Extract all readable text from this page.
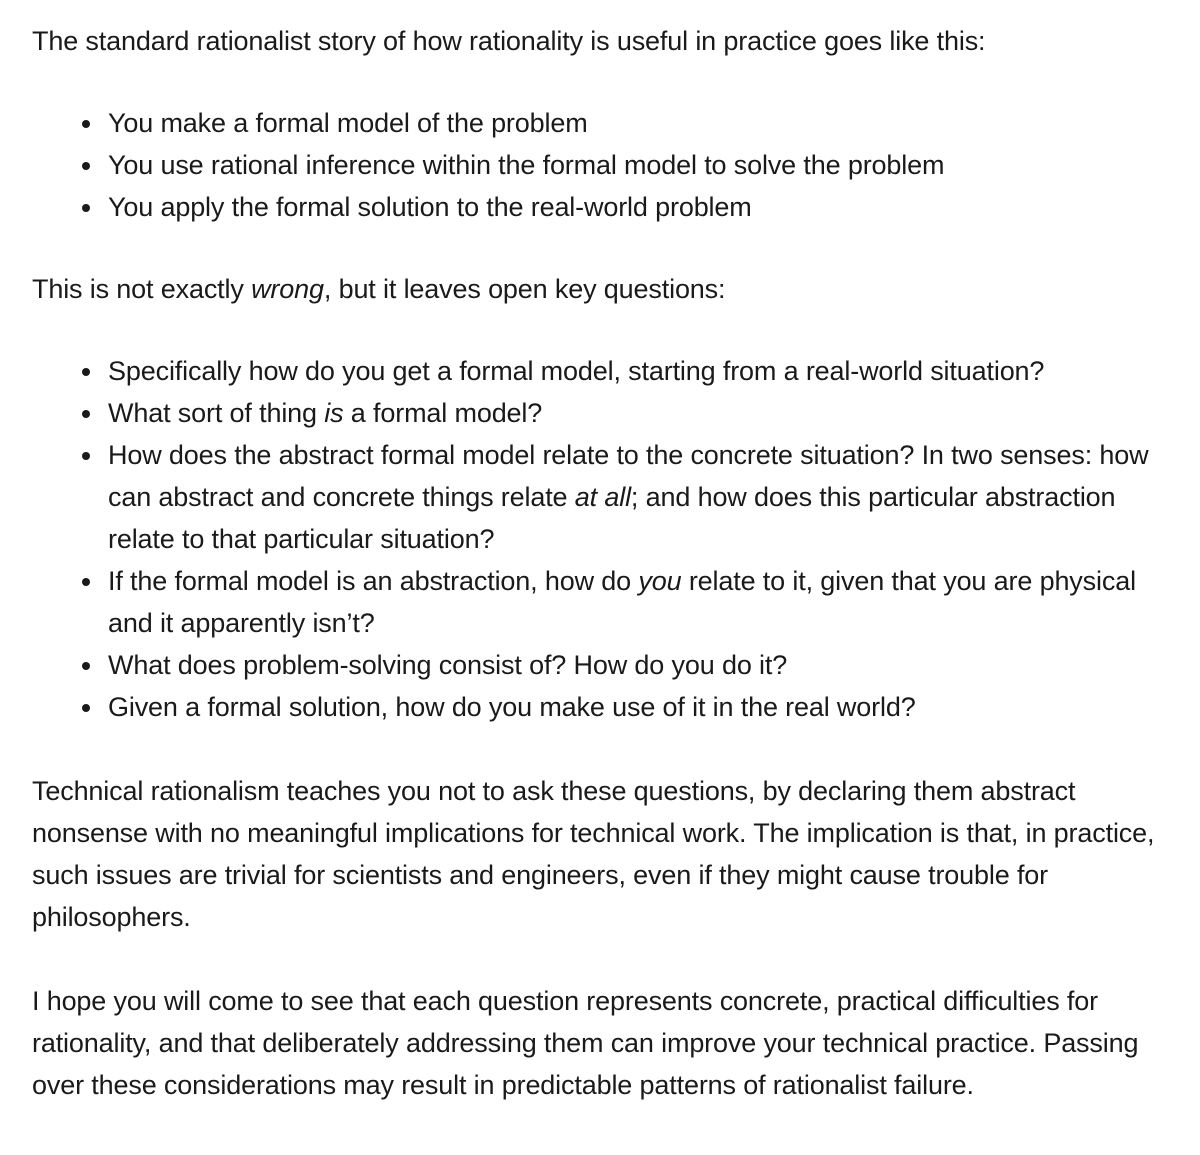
The standard rationalist story of how rationality is useful in practice goes like this:

You make a formal model of the problem
You use rational inference within the formal model to solve the problem
You apply the formal solution to the real-world problem

This is not exactly wrong, but it leaves open key questions:

Specifically how do you get a formal model, starting from a real-world situation?
What sort of thing is a formal model?
How does the abstract formal model relate to the concrete situation? In two senses: how can abstract and concrete things relate at all; and how does this particular abstraction relate to that particular situation?
If the formal model is an abstraction, how do you relate to it, given that you are physical and it apparently isn’t?
What does problem-solving consist of? How do you do it?
Given a formal solution, how do you make use of it in the real world?

Technical rationalism teaches you not to ask these questions, by declaring them abstract nonsense with no meaningful implications for technical work. The implication is that, in practice, such issues are trivial for scientists and engineers, even if they might cause trouble for philosophers.

I hope you will come to see that each question represents concrete, practical difficulties for rationality, and that deliberately addressing them can improve your technical practice. Passing over these considerations may result in predictable patterns of rationalist failure.
